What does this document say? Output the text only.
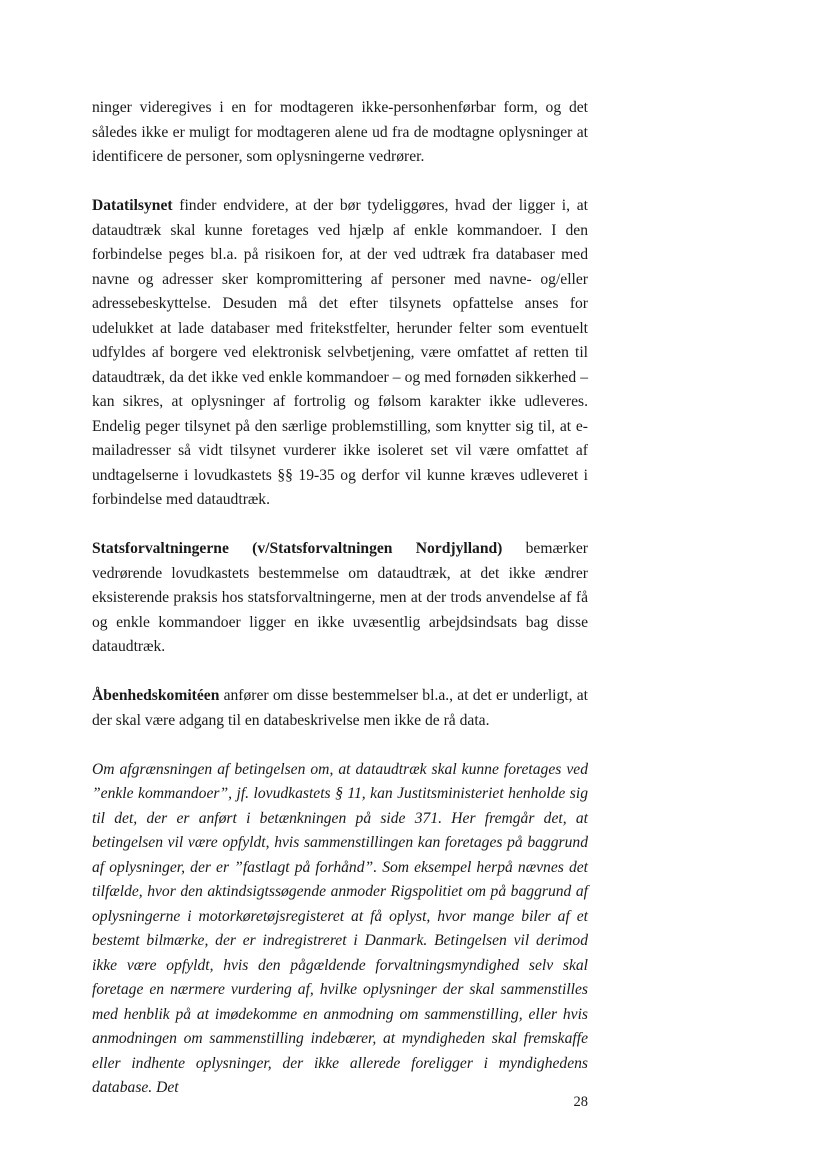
ninger videregives i en for modtageren ikke-personhenførbar form, og det således ikke er muligt for modtageren alene ud fra de modtagne oplysninger at identificere de personer, som oplysningerne vedrører.

Datatilsynet finder endvidere, at der bør tydeliggøres, hvad der ligger i, at dataudtræk skal kunne foretages ved hjælp af enkle kommandoer. I den forbindelse peges bl.a. på risikoen for, at der ved udtræk fra databaser med navne og adresser sker kompromittering af personer med navne- og/eller adressebeskyttelse. Desuden må det efter tilsynets opfattelse anses for udelukket at lade databaser med fritekstfelter, herunder felter som eventuelt udfyldes af borgere ved elektronisk selvbetjening, være omfattet af retten til dataudtræk, da det ikke ved enkle kommandoer – og med fornøden sikkerhed – kan sikres, at oplysninger af fortrolig og følsom karakter ikke udleveres. Endelig peger tilsynet på den særlige problemstilling, som knytter sig til, at e-mailadresser så vidt tilsynet vurderer ikke isoleret set vil være omfattet af undtagelserne i lovudkastets §§ 19-35 og derfor vil kunne kræves udleveret i forbindelse med dataudtræk.

Statsforvaltningerne (v/Statsforvaltningen Nordjylland) bemærker vedrørende lovudkastets bestemmelse om dataudtræk, at det ikke ændrer eksisterende praksis hos statsforvaltningerne, men at der trods anvendelse af få og enkle kommandoer ligger en ikke uvæsentlig arbejdsindsats bag disse dataudtræk.

Åbenhedskomitéen anfører om disse bestemmelser bl.a., at det er underligt, at der skal være adgang til en databeskrivelse men ikke de rå data.

Om afgrænsningen af betingelsen om, at dataudtræk skal kunne foretages ved ”enkle kommandoer”, jf. lovudkastets § 11, kan Justitsministeriet henholde sig til det, der er anført i betænkningen på side 371. Her fremgår det, at betingelsen vil være opfyldt, hvis sammenstillingen kan foretages på baggrund af oplysninger, der er ”fastlagt på forhånd”. Som eksempel herpå nævnes det tilfælde, hvor den aktindsigtssøgende anmoder Rigspolitiet om på baggrund af oplysningerne i motorkøretøjsregisteret at få oplyst, hvor mange biler af et bestemt bilmærke, der er indregistreret i Danmark. Betingelsen vil derimod ikke være opfyldt, hvis den pågældende forvaltningsmyndighed selv skal foretage en nærmere vurdering af, hvilke oplysninger der skal sammenstilles med henblik på at imødekomme en anmodning om sammenstilling, eller hvis anmodningen om sammenstilling indebærer, at myndigheden skal fremskaffe eller indhente oplysninger, der ikke allerede foreligger i myndighedens database. Det

28
